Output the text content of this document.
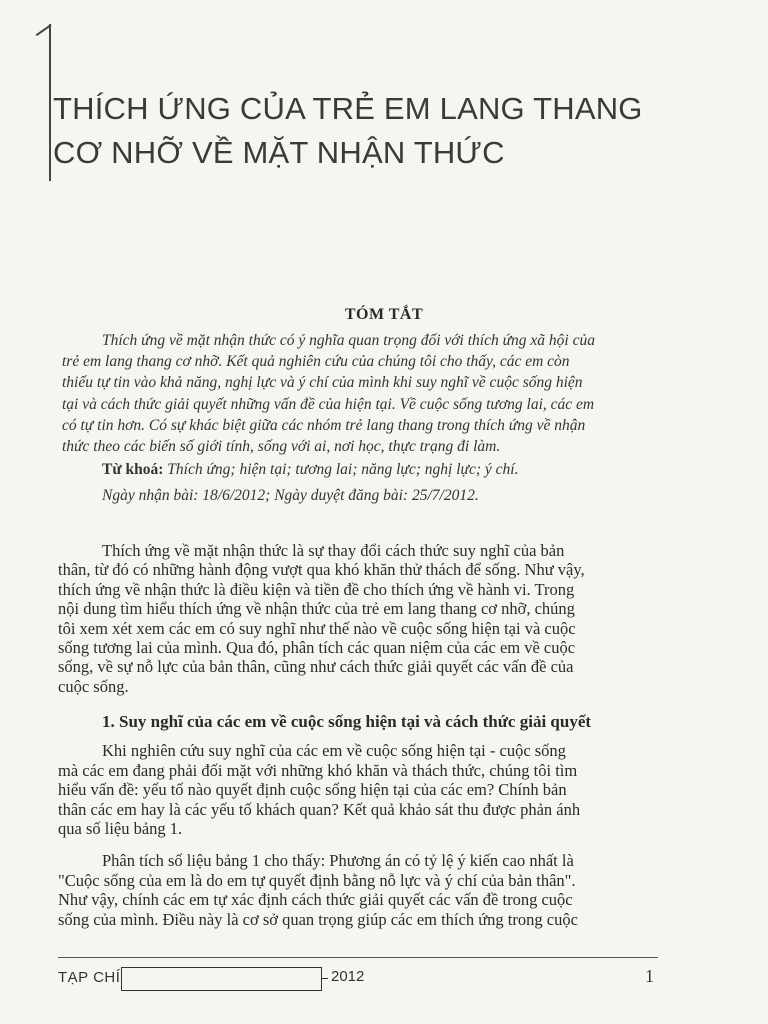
THÍCH ỨNG CỦA TRẺ EM LANG THANG
CƠ NHỠ VỀ MẶT NHẬN THỨC
TÓM TẮT
Thích ứng về mặt nhận thức có ý nghĩa quan trọng đối với thích ứng xã hội của
trẻ em lang thang cơ nhỡ. Kết quả nghiên cứu của chúng tôi cho thấy, các em còn
thiếu tự tin vào khả năng, nghị lực và ý chí của mình khi suy nghĩ về cuộc sống hiện
tại và cách thức giải quyết những vấn đề của hiện tại. Về cuộc sống tương lai, các em
có tự tin hơn. Có sự khác biệt giữa các nhóm trẻ lang thang trong thích ứng về nhận
thức theo các biến số giới tính, sống với ai, nơi học, thực trạng đi làm.
Từ khoá: Thích ứng; hiện tại; tương lai; năng lực; nghị lực; ý chí.
Ngày nhận bài: 18/6/2012; Ngày duyệt đăng bài: 25/7/2012.
Thích ứng về mặt nhận thức là sự thay đổi cách thức suy nghĩ của bản
thân, từ đó có những hành động vượt qua khó khăn thử thách để sống. Như vậy,
thích ứng về nhận thức là điều kiện và tiền đề cho thích ứng về hành vi. Trong
nội dung tìm hiểu thích ứng về nhận thức của trẻ em lang thang cơ nhỡ, chúng
tôi xem xét xem các em có suy nghĩ như thế nào về cuộc sống hiện tại và cuộc
sống tương lai của mình. Qua đó, phân tích các quan niệm của các em về cuộc
sống, về sự nỗ lực của bản thân, cũng như cách thức giải quyết các vấn đề của
cuộc sống.
1. Suy nghĩ của các em về cuộc sống hiện tại và cách thức giải quyết
Khi nghiên cứu suy nghĩ của các em về cuộc sống hiện tại - cuộc sống
mà các em đang phải đối mặt với những khó khăn và thách thức, chúng tôi tìm
hiểu vấn đề: yếu tố nào quyết định cuộc sống hiện tại của các em? Chính bản
thân các em hay là các yếu tố khách quan? Kết quả khảo sát thu được phản ánh
qua số liệu bảng 1.
Phân tích số liệu bảng 1 cho thấy: Phương án có tỷ lệ ý kiến cao nhất là
"Cuộc sống của em là do em tự quyết định bằng nỗ lực và ý chí của bản thân".
Như vậy, chính các em tự xác định cách thức giải quyết các vấn đề trong cuộc
sống của mình. Điều này là cơ sở quan trọng giúp các em thích ứng trong cuộc
TẠP CHÍ	2012	1
